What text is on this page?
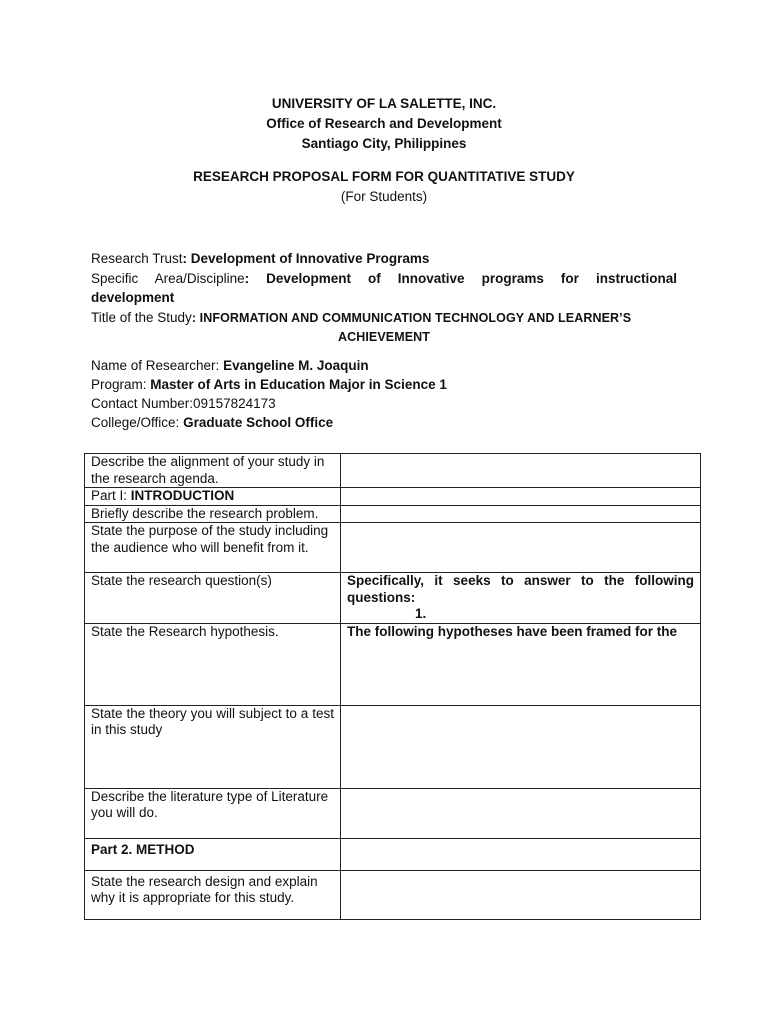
UNIVERSITY OF LA SALETTE, INC.
Office of Research and Development
Santiago City, Philippines
RESEARCH PROPOSAL FORM FOR QUANTITATIVE STUDY
(For Students)
Research Trust: Development of Innovative Programs
Specific Area/Discipline: Development of Innovative programs for instructional
development
Title of the Study: INFORMATION AND COMMUNICATION TECHNOLOGY AND LEARNER’S
ACHIEVEMENT
Name of Researcher: Evangeline M. Joaquin
Program: Master of Arts in Education Major in Science 1
Contact Number:09157824173
College/Office: Graduate School Office
Describe the alignment of your study in the research agenda.	
Part I: INTRODUCTION	
Briefly describe the research problem.	
State the purpose of the study including the audience who will benefit from it.	
State the research question(s)	Specifically, it seeks to answer to the following questions:
1.

State the Research hypothesis.	The following hypotheses have been framed for the
State the theory you will subject to a test in this study	
Describe the literature type of Literature you will do.	
Part 2. METHOD	
State the research design and explain why it is appropriate for this study.	
